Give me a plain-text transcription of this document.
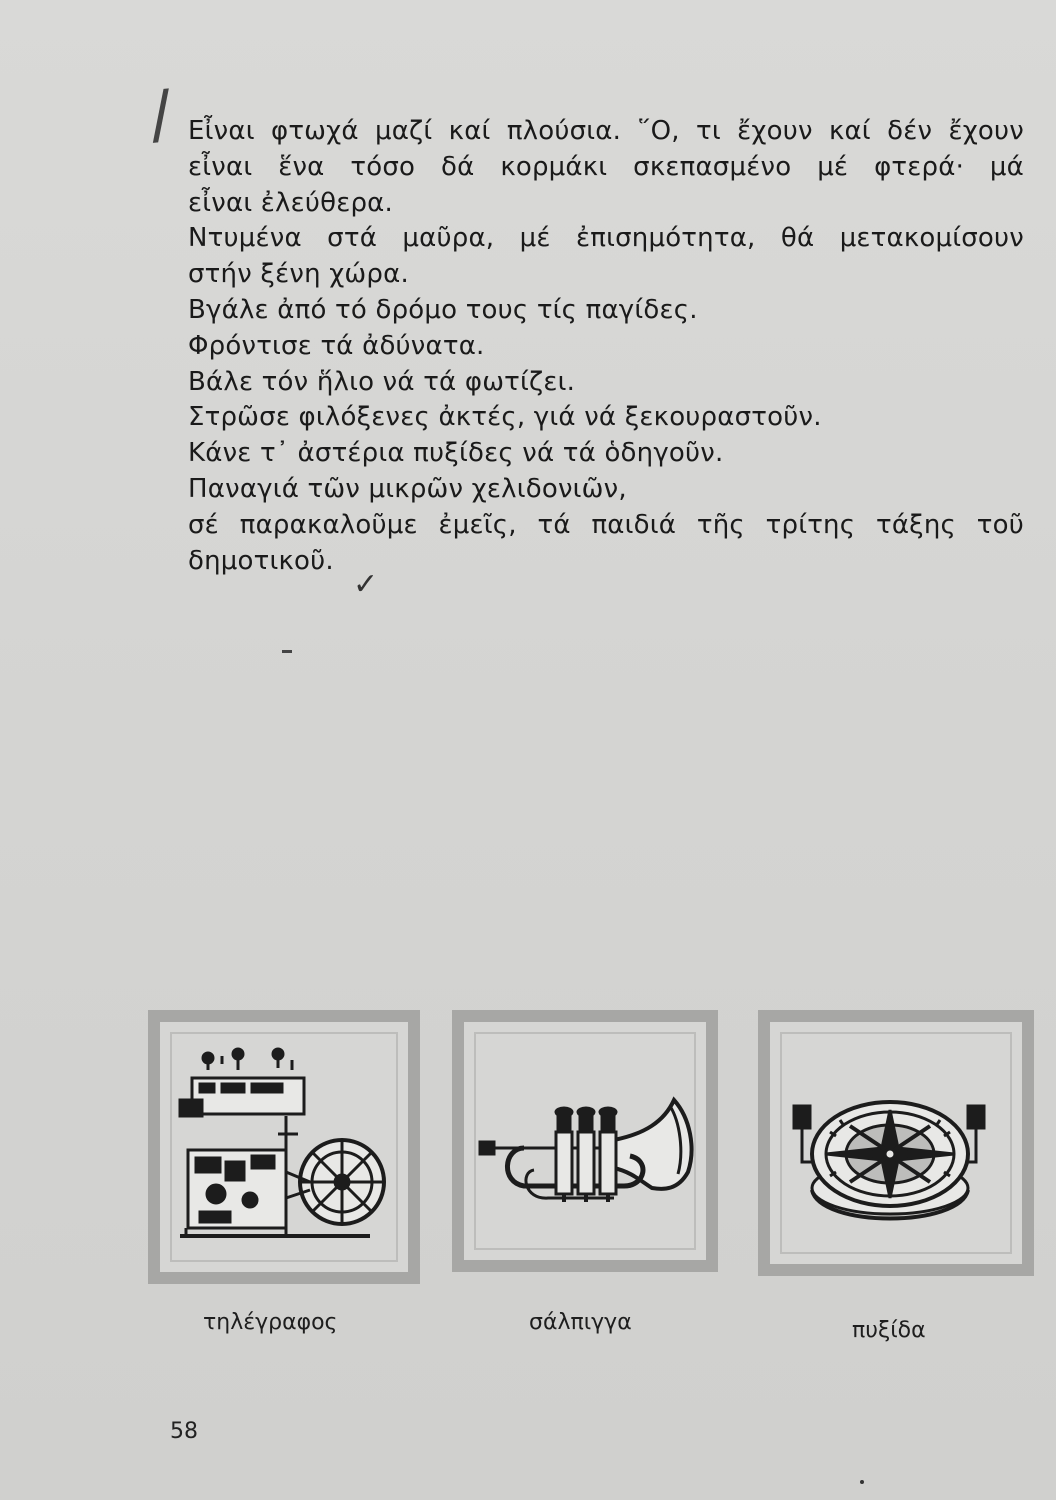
/ Εἶναι φτωχά μαζί καί πλούσια. ῞Ο, τι ἔχουν καί δέν ἔχουν
εἶναι ἕνα τόσο δά κορμάκι σκεπασμένο μέ φτερά· μά
εἶναι ἐλεύθερα.
Ντυμένα στά μαῦρα, μέ ἐπισημότητα, θά μετακομίσουν
στήν ξένη χώρα.
Βγάλε ἀπό τό δρόμο τους τίς παγίδες.
Φρόντισε τά ἀδύνατα.
Βάλε τόν ἥλιο νά τά φωτίζει.
Στρῶσε φιλόξενες ἀκτές, γιά νά ξεκουραστοῦν.
Κάνε τ᾽ ἀστέρια πυξίδες νά τά ὁδηγοῦν.
Παναγιά τῶν μικρῶν χελιδονιῶν,
σέ παρακαλοῦμε ἐμεῖς, τά παιδιά τῆς τρίτης τάξης τοῦ
δημοτικοῦ.
✓
τηλέγραφος	σάλπιγγα	πυξίδα
58
